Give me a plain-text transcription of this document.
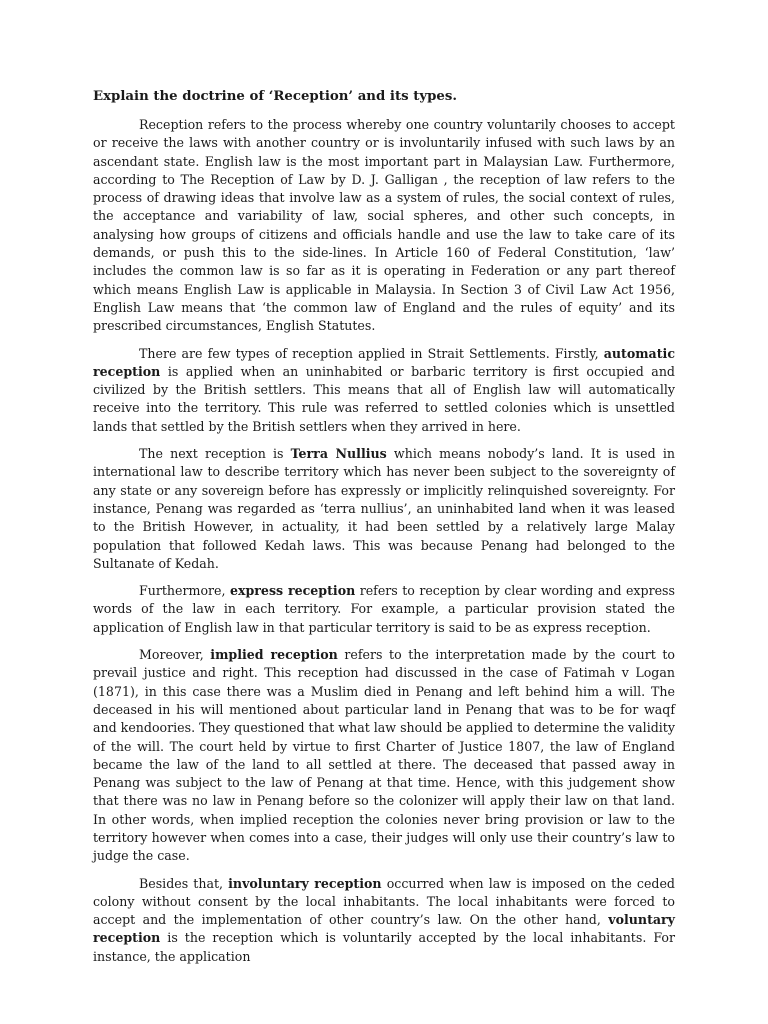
Explain the doctrine of ‘Reception’ and its types.

Reception refers to the process whereby one country voluntarily chooses to accept or receive the laws with another country or is involuntarily infused with such laws by an ascendant state. English law is the most important part in Malaysian Law. Furthermore, according to The Reception of Law by D. J. Galligan , the reception of law refers to the process of drawing ideas that involve law as a system of rules, the social context of rules, the acceptance and variability of law, social spheres, and other such concepts, in analysing how groups of citizens and officials handle and use the law to take care of its demands, or push this to the side-lines. In Article 160 of Federal Constitution, ‘law’ includes the common law is so far as it is operating in Federation or any part thereof which means English Law is applicable in Malaysia. In Section 3 of Civil Law Act 1956, English Law means that ‘the common law of England and the rules of equity’ and its prescribed circumstances, English Statutes.

There are few types of reception applied in Strait Settlements. Firstly, automatic reception is applied when an uninhabited or barbaric territory is first occupied and civilized by the British settlers. This means that all of English law will automatically receive into the territory. This rule was referred to settled colonies which is unsettled lands that settled by the British settlers when they arrived in here.

The next reception is Terra Nullius which means nobody’s land. It is used in international law to describe territory which has never been subject to the sovereignty of any state or any sovereign before has expressly or implicitly relinquished sovereignty. For instance, Penang was regarded as ‘terra nullius’, an uninhabited land when it was leased to the British However, in actuality, it had been settled by a relatively large Malay population that followed Kedah laws. This was because Penang had belonged to the Sultanate of Kedah.

Furthermore, express reception refers to reception by clear wording and express words of the law in each territory. For example, a particular provision stated the application of English law in that particular territory is said to be as express reception.

Moreover, implied reception refers to the interpretation made by the court to prevail justice and right. This reception had discussed in the case of Fatimah v Logan (1871), in this case there was a Muslim died in Penang and left behind him a will. The deceased in his will mentioned about particular land in Penang that was to be for waqf and kendoories. They questioned that what law should be applied to determine the validity of the will. The court held by virtue to first Charter of Justice 1807, the law of England became the law of the land to all settled at there. The deceased that passed away in Penang was subject to the law of Penang at that time. Hence, with this judgement show that there was no law in Penang before so the colonizer will apply their law on that land. In other words, when implied reception the colonies never bring provision or law to the territory however when comes into a case, their judges will only use their country’s law to judge the case.

Besides that, involuntary reception occurred when law is imposed on the ceded colony without consent by the local inhabitants. The local inhabitants were forced to accept and the implementation of other country’s law. On the other hand, voluntary reception is the reception which is voluntarily accepted by the local inhabitants. For instance, the application
